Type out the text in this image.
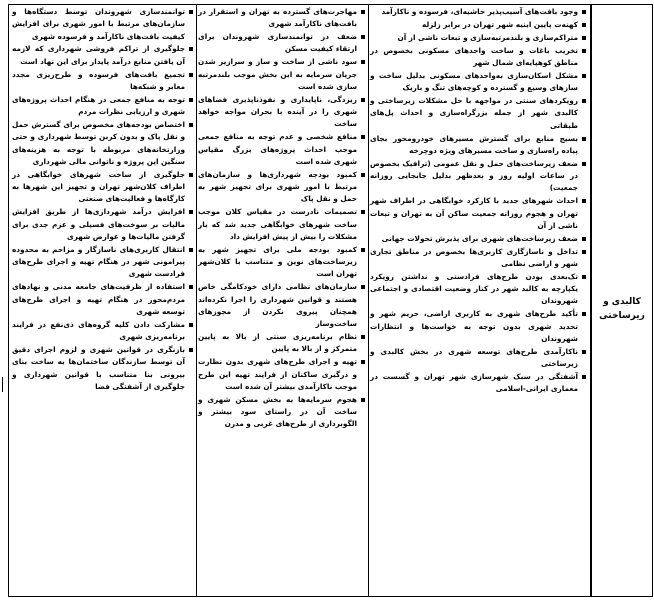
کالبدی و
زیرساختی
وجود بافت‌های آسیب‌پذیر حاشیه‌ای، فرسوده و ناکارآمد
کهنه‌ت پایین ابنیه شهر تهران در برابر زلزله
متراکم‌سازی و بلندمرتبه‌سازی و تبعات ناشی از آن
تخریب باغات و ساخت واحدهای مسکونی بخصوص در مناطق کوهپایه‌ای شمال شهر
مشکل اسکان‌سازی به‌واحدهای مسکونی بدلیل ساخت و سازهای وسیع و گسترده و کوچه‌های تنگ و باریک
رویکردهای سنتی در مواجهه با حل مشکلات زیرساختی و کالبدی شهر از جمله بزرگراه‌سازی و احداث پل‌های طبقاتی
بسیج منابع برای گسترش مسیرهای خودرومحور بجای پیاده راه‌سازی و ساخت مسیرهای ویژه دوچرخه
ضعف زیرساخت‌های حمل و نقل عمومی (ترافیک بخصوص در ساعات اولیه روز و بعدظهر بدلیل جابجایی روزانه جمعیت)
احداث شهرهای جدید با کارکرد خوابگاهی در اطراف شهر تهران و هجوم روزانه جمعیت ساکن آن به تهران و تبعات ناشی از آن
ضعف زیرساخت‌های شهری برای پذیرش تحولات جهانی
تداخل و ناسازگاری کاربری‌ها بخصوص در مناطق تجاری شهر و اراضی نظامی
تک‌بعدی بودن طرح‌های فرادستی و نداشتن رویکرد یکپارچه به کالبد شهر در کنار وضعیت اقتصادی و اجتماعی شهروندان
تأکید طرح‌های شهری به کاربری اراضی، حریم شهر و تحدید شهری بدون توجه به خواست‌ها و انتظارات شهروندان
ناکارآمدی طرح‌های توسعه شهری در بخش کالبدی و زیرساختی
آشفتگی در سبک شهرسازی شهر تهران و گسست در معماری ایرانی-اسلامی
مهاجرت‌های گسترده به تهران و استقرار در بافت‌های ناکارآمد شهری
ضعف در توانمندسازی شهروندان برای ارتقاء کیفیت مسکن
سود ناشی از ساخت و ساز و سرازیر شدن جریان سرمایه به این بخش موجب بلندمرتبه سازی شده است
ریزدگی، ناپایداری و نفوذناپذیری فضاهای شهری را در آینده با بحران مواجه خواهد ساخت
منافع شخصی و عدم توجه به منافع جمعی موجب احداث پروژه‌های بزرگ مقیاس شهری شده است
کمبود بودجه شهرداری‌ها و سازمان‌های مرتبط با امور شهری برای تجهیز شهر به حمل و نقل پاک
تصمیمات نادرست در مقیاس کلان موجب ساخت شهرهای خوابگاهی جدید شد که بار مشکلات را بیش از پیش افزایش داد
کمبود بودجه ملی برای تجهیز شهر به زیرساخت‌های نوین و متناسب با کلان‌شهر تهران است
سازمان‌های نظامی دارای خودکامگی خاص هستند و قوانین شهرداری را اجرا نکرده‌اند همچنان پیروی نکردن از مجوزهای ساخت‌وساز
نظام برنامه‌ریزی سنتی از بالا به پایین متمرکز و از بالا به پایین
تهیه و اجرای طرح‌های شهری بدون نظارت و درگیری ساکنان از فرایند تهیه این طرح موجب ناکارآمدی بیشتر آن شده است
هجوم سرمایه‌ها به بخش مسکن شهری و ساخت آن در راستای سود بیشتر و الگوبرداری از طرح‌های غربی و مدرن
توانمندسازی شهروندان توسط دستگاه‌ها و سازمان‌های مرتبط با امور شهری برای افزایش کیفیت بافت‌های ناکارآمد و فرسوده شهری
جلوگیری از تراکم فروشی شهرداری که لازمه آن یافتن منابع درآمد پایدار برای این نهاد است
تجمیع بافت‌های فرسوده و طرح‌ریزی مجدد معابر و شبکه‌ها
توجه به منافع جمعی در هنگام احداث پروژه‌های شهری و ارزیابی نظرات مردم
اختصاص بودجه‌های مخصوص برای گسترش حمل و نقل پاک و بدون کربن توسط شهرداری و حتی وزارتخانه‌های مربوطه با توجه به هزینه‌های سنگین این پروژه و ناتوانی مالی شهرداری
جلوگیری از ساخت شهرهای خوابگاهی در اطراف کلان‌شهر تهران و تجهیز این شهرها به کارگاه‌ها و فعالیت‌های صنعتی
افزایش درآمد شهرداری‌ها از طریق افزایش مالیات بر سوخت‌های فسیلی و عزم جدی برای گرفتن مالیات‌ها و عوارض شهری
انتقال کاربری‌های ناسازگار و مزاحم به محدوده پیرامونی شهر در هنگام تهیه و اجرای طرح‌های فرادست شهری
استفاده از ظرفیت‌های جامعه مدنی و نهادهای مردم‌محور در هنگام تهیه و اجرای طرح‌های توسعه شهری
مشارکت دادن کلیه گروه‌های ذی‌نفع در فرایند برنامه‌ریزی شهری
بازنگری در قوانین شهری و لزوم اجرای دقیق آن توسط سازندگان ساختمان‌ها به ساخت بنای بیرونی بنا متناسب با قوانین شهرداری و جلوگیری از آشفتگی فضا
